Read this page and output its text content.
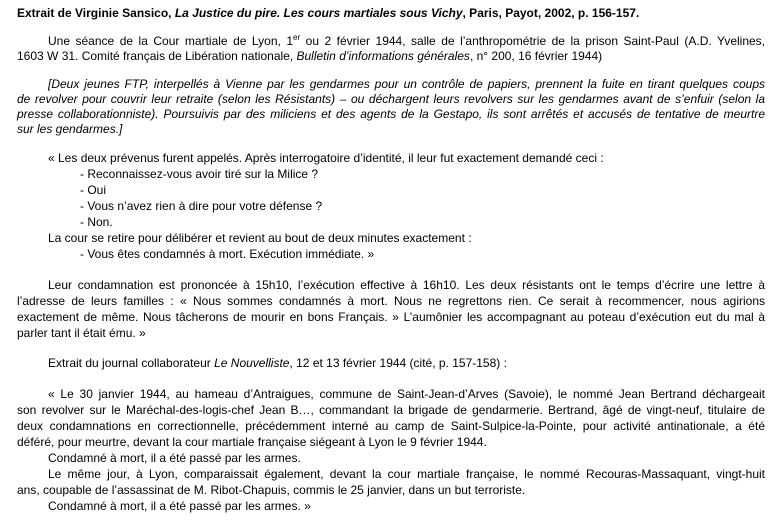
Extrait de Virginie Sansico, La Justice du pire. Les cours martiales sous Vichy, Paris, Payot, 2002, p. 156-157.
Une séance de la Cour martiale de Lyon, 1er ou 2 février 1944, salle de l’anthropométrie de la prison Saint-Paul (A.D. Yvelines,
1603 W 31. Comité français de Libération nationale, Bulletin d’informations générales, n° 200, 16 février 1944)
[Deux jeunes FTP, interpellés à Vienne par les gendarmes pour un contrôle de papiers, prennent la fuite en tirant quelques coups
de revolver pour couvrir leur retraite (selon les Résistants) – ou déchargent leurs revolvers sur les gendarmes avant de s’enfuir (selon la
presse collaborationniste). Poursuivis par des miliciens et des agents de la Gestapo, ils sont arrêtés et accusés de tentative de meurtre
sur les gendarmes.]
« Les deux prévenus furent appelés. Après interrogatoire d’identité, il leur fut exactement demandé ceci :
- Reconnaissez-vous avoir tiré sur la Milice ?
- Oui
- Vous n’avez rien à dire pour votre défense ?
- Non.
La cour se retire pour délibérer et revient au bout de deux minutes exactement :
- Vous êtes condamnés à mort. Exécution immédiate. »
Leur condamnation est prononcée à 15h10, l’exécution effective à 16h10. Les deux résistants ont le temps d’écrire une lettre à
l’adresse de leurs familles : « Nous sommes condamnés à mort. Nous ne regrettons rien. Ce serait à recommencer, nous agirions
exactement de même. Nous tâcherons de mourir en bons Français. » L’aumônier les accompagnant au poteau d’exécution eut du mal à
parler tant il était ému. »
Extrait du journal collaborateur Le Nouvelliste, 12 et 13 février 1944 (cité, p. 157-158) :
« Le 30 janvier 1944, au hameau d’Antraigues, commune de Saint-Jean-d’Arves (Savoie), le nommé Jean Bertrand déchargeait
son revolver sur le Maréchal-des-logis-chef Jean B…, commandant la brigade de gendarmerie. Bertrand, âgé de vingt-neuf, titulaire de
deux condamnations en correctionnelle, précédemment interné au camp de Saint-Sulpice-la-Pointe, pour activité antinationale, a été
déféré, pour meurtre, devant la cour martiale française siégeant à Lyon le 9 février 1944.
Condamné à mort, il a été passé par les armes.
Le même jour, à Lyon, comparaissait également, devant la cour martiale française, le nommé Recouras-Massaquant, vingt-huit
ans, coupable de l’assassinat de M. Ribot-Chapuis, commis le 25 janvier, dans un but terroriste.
Condamné à mort, il a été passé par les armes. »
